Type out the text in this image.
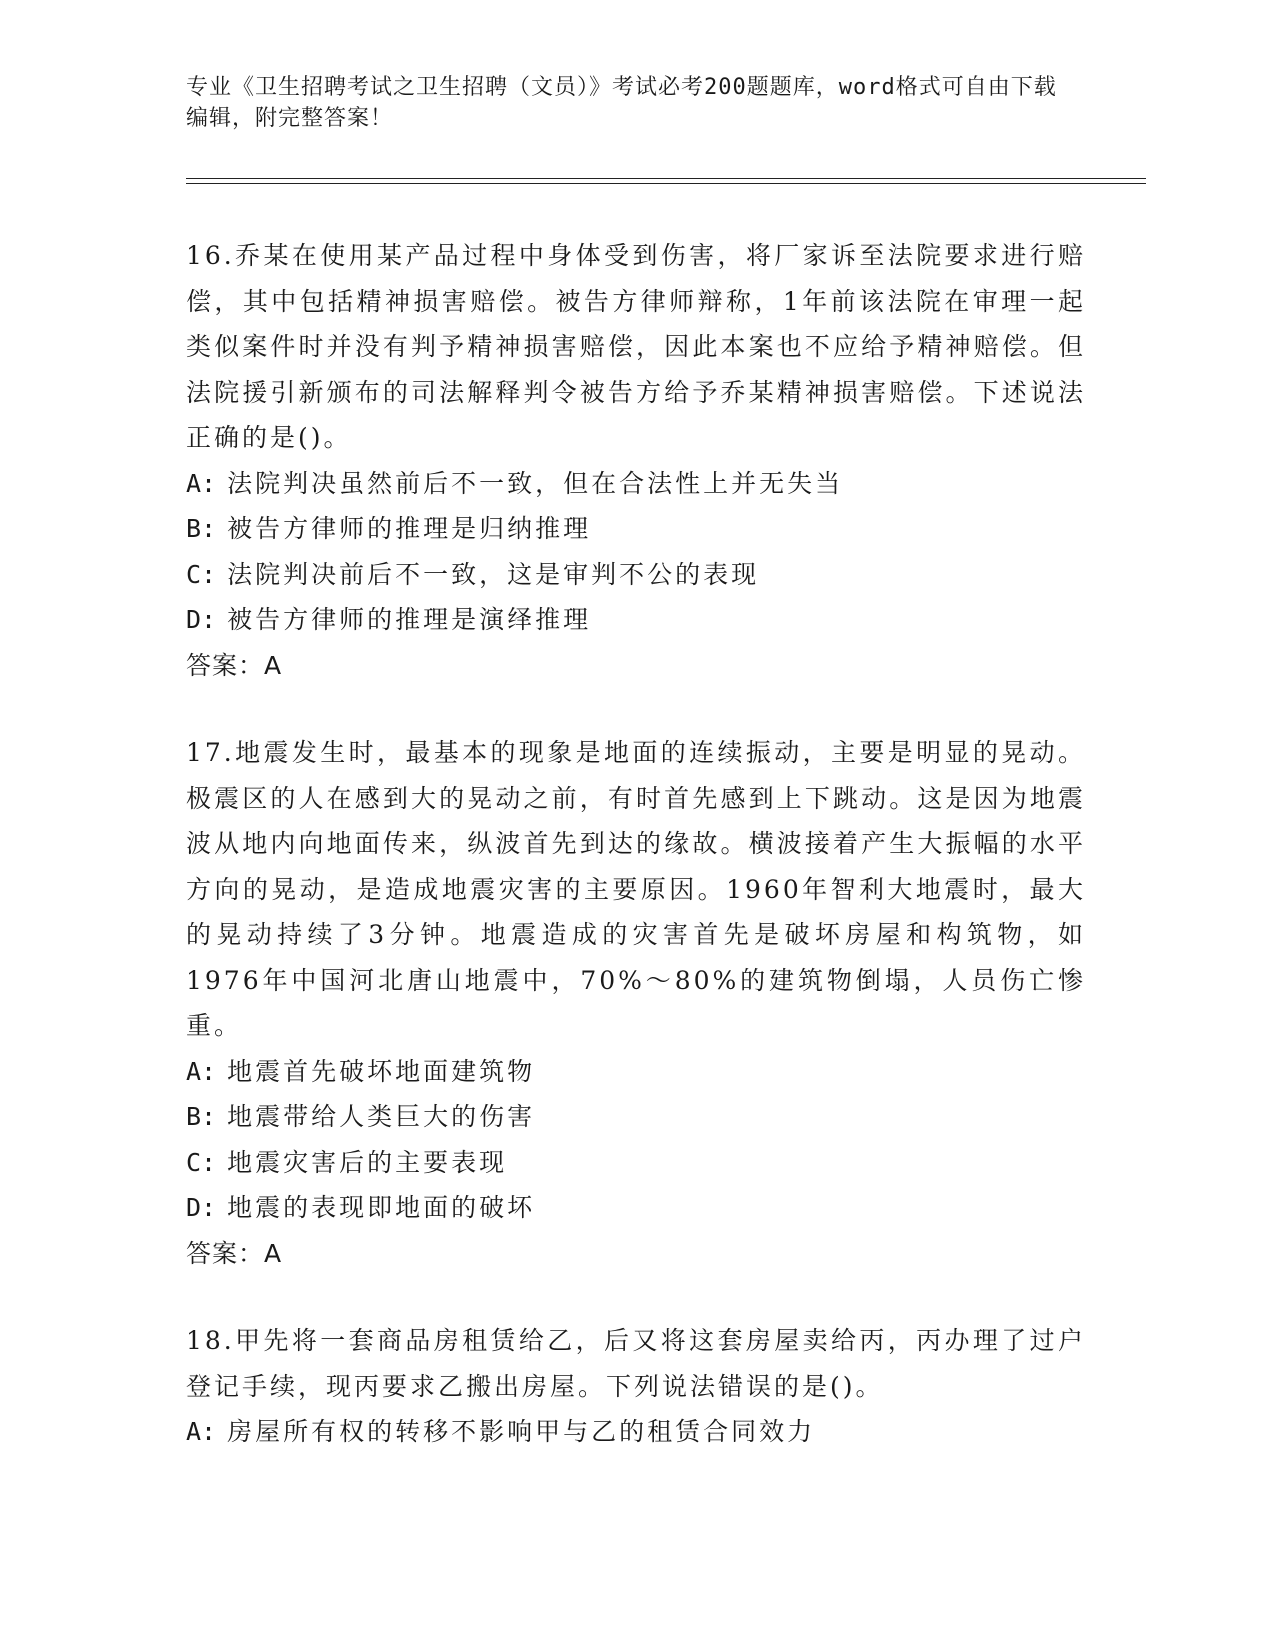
专业《卫生招聘考试之卫生招聘（文员）》考试必考200题题库，word格式可自由下载编辑，附完整答案！

16.乔某在使用某产品过程中身体受到伤害，将厂家诉至法院要求进行赔偿，其中包括精神损害赔偿。被告方律师辩称，1年前该法院在审理一起类似案件时并没有判予精神损害赔偿，因此本案也不应给予精神赔偿。但法院援引新颁布的司法解释判令被告方给予乔某精神损害赔偿。下述说法正确的是()。

A: 法院判决虽然前后不一致，但在合法性上并无失当

B: 被告方律师的推理是归纳推理

C: 法院判决前后不一致，这是审判不公的表现

D: 被告方律师的推理是演绎推理

答案：A

17.地震发生时，最基本的现象是地面的连续振动，主要是明显的晃动。极震区的人在感到大的晃动之前，有时首先感到上下跳动。这是因为地震波从地内向地面传来，纵波首先到达的缘故。横波接着产生大振幅的水平方向的晃动，是造成地震灾害的主要原因。1960年智利大地震时，最大的晃动持续了3分钟。地震造成的灾害首先是破坏房屋和构筑物，如1976年中国河北唐山地震中，70%～80%的建筑物倒塌，人员伤亡惨重。

A: 地震首先破坏地面建筑物

B: 地震带给人类巨大的伤害

C: 地震灾害后的主要表现

D: 地震的表现即地面的破坏

答案：A

18.甲先将一套商品房租赁给乙，后又将这套房屋卖给丙，丙办理了过户登记手续，现丙要求乙搬出房屋。下列说法错误的是()。

A: 房屋所有权的转移不影响甲与乙的租赁合同效力
